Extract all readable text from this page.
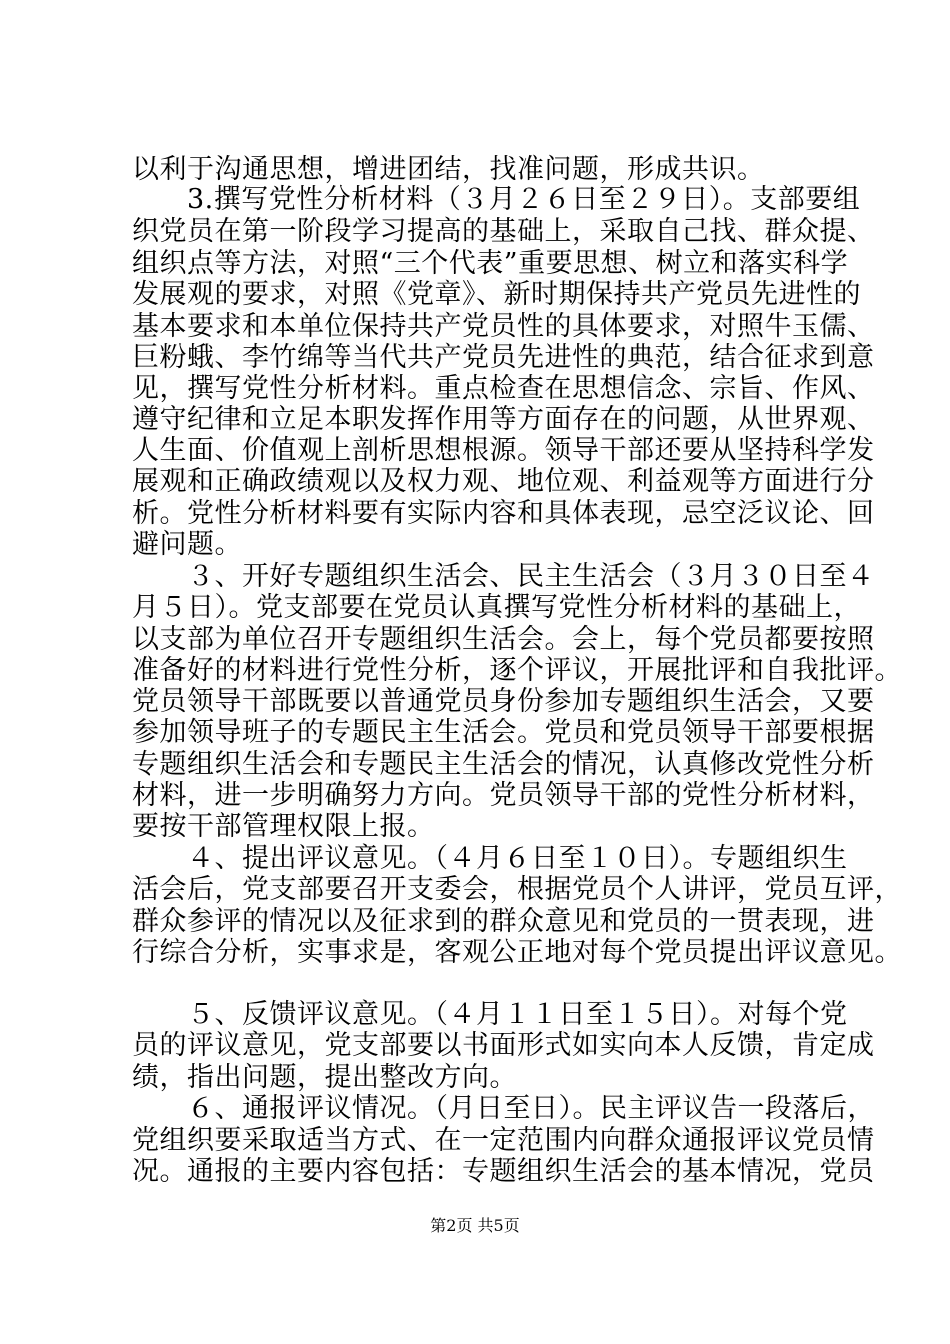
以利于沟通思想，增进团结，找准问题，形成共识。
　　3.撰写党性分析材料（３月２６日至２９日）。支部要组
织党员在第一阶段学习提高的基础上，采取自己找、群众提、
组织点等方法，对照“三个代表”重要思想、树立和落实科学
发展观的要求，对照《党章》、新时期保持共产党员先进性的
基本要求和本单位保持共产党员性的具体要求，对照牛玉儒、
巨粉蛾、李竹绵等当代共产党员先进性的典范，结合征求到意
见，撰写党性分析材料。重点检查在思想信念、宗旨、作风、
遵守纪律和立足本职发挥作用等方面存在的问题，从世界观、
人生面、价值观上剖析思想根源。领导干部还要从坚持科学发
展观和正确政绩观以及权力观、地位观、利益观等方面进行分
析。党性分析材料要有实际内容和具体表现，忌空泛议论、回
避问题。
　　３、开好专题组织生活会、民主生活会（３月３０日至４
月５日）。党支部要在党员认真撰写党性分析材料的基础上，
以支部为单位召开专题组织生活会。会上，每个党员都要按照
准备好的材料进行党性分析，逐个评议，开展批评和自我批评。
党员领导干部既要以普通党员身份参加专题组织生活会，又要
参加领导班子的专题民主生活会。党员和党员领导干部要根据
专题组织生活会和专题民主生活会的情况，认真修改党性分析
材料，进一步明确努力方向。党员领导干部的党性分析材料，
要按干部管理权限上报。
　　４、提出评议意见。（４月６日至１０日）。专题组织生
活会后，党支部要召开支委会，根据党员个人讲评，党员互评，
群众参评的情况以及征求到的群众意见和党员的一贯表现，进
行综合分析，实事求是，客观公正地对每个党员提出评议意见。
　　５、反馈评议意见。（４月１１日至１５日）。对每个党
员的评议意见，党支部要以书面形式如实向本人反馈，肯定成
绩，指出问题，提出整改方向。
　　６、通报评议情况。（月日至日）。民主评议告一段落后，
党组织要采取适当方式、在一定范围内向群众通报评议党员情
况。通报的主要内容包括：专题组织生活会的基本情况，党员
第2页 共5页
